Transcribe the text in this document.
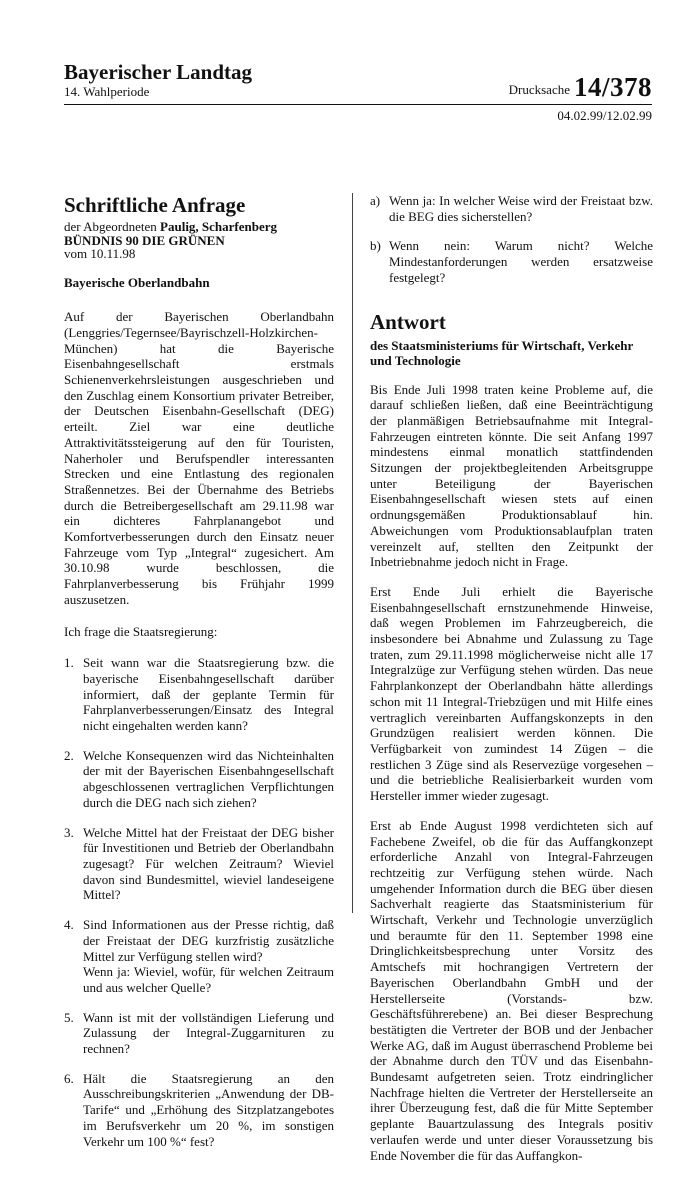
Bayerischer Landtag
14. Wahlperiode	Drucksache 14/378
04.02.99/12.02.99
Schriftliche Anfrage

der Abgeordneten Paulig, Scharfenberg

BÜNDNIS 90 DIE GRÜNEN

vom 10.11.98

Bayerische Oberlandbahn

Auf der Bayerischen Oberlandbahn (Lenggries/Tegernsee/Bayrischzell-Holzkirchen-München) hat die Bayerische Eisenbahngesellschaft erstmals Schienenverkehrsleistungen ausgeschrieben und den Zuschlag einem Konsortium privater Betreiber, der Deutschen Eisenbahn-Gesellschaft (DEG) erteilt. Ziel war eine deutliche Attraktivitätssteigerung auf den für Touristen, Naherholer und Berufspendler interessanten Strecken und eine Entlastung des regionalen Straßennetzes. Bei der Übernahme des Betriebs durch die Betreibergesellschaft am 29.11.98 war ein dichteres Fahrplanangebot und Komfortverbesserungen durch den Einsatz neuer Fahrzeuge vom Typ „Integral“ zugesichert. Am 30.10.98 wurde beschlossen, die Fahrplanverbesserung bis Frühjahr 1999 auszusetzen.

Ich frage die Staatsregierung:

1. Seit wann war die Staatsregierung bzw. die bayerische Eisenbahngesellschaft darüber informiert, daß der geplante Termin für Fahrplanverbesserungen/Einsatz des Integral nicht eingehalten werden kann?
2. Welche Konsequenzen wird das Nichteinhalten der mit der Bayerischen Eisenbahngesellschaft abgeschlossenen vertraglichen Verpflichtungen durch die DEG nach sich ziehen?
3. Welche Mittel hat der Freistaat der DEG bisher für Investitionen und Betrieb der Oberlandbahn zugesagt? Für welchen Zeitraum? Wieviel davon sind Bundesmittel, wieviel landeseigene Mittel?
4. Sind Informationen aus der Presse richtig, daß der Freistaat der DEG kurzfristig zusätzliche Mittel zur Verfügung stellen wird?
Wenn ja: Wieviel, wofür, für welchen Zeitraum und aus welcher Quelle?
5. Wann ist mit der vollständigen Lieferung und Zulassung der Integral-Zuggarnituren zu rechnen?
6. Hält die Staatsregierung an den Ausschreibungskriterien „Anwendung der DB-Tarife“ und „Erhöhung des Sitzplatzangebotes im Berufsverkehr um 20 %, im sonstigen Verkehr um 100 %“ fest?
a) Wenn ja: In welcher Weise wird der Freistaat bzw. die BEG dies sicherstellen?
b) Wenn nein: Warum nicht? Welche Mindestanforderungen werden ersatzweise festgelegt?
Antwort
des Staatsministeriums für Wirtschaft, Verkehr und Technologie

Bis Ende Juli 1998 traten keine Probleme auf, die darauf schließen ließen, daß eine Beeinträchtigung der planmäßigen Betriebsaufnahme mit Integral-Fahrzeugen eintreten könnte. Die seit Anfang 1997 mindestens einmal monatlich stattfindenden Sitzungen der projektbegleitenden Arbeitsgruppe unter Beteiligung der Bayerischen Eisenbahngesellschaft wiesen stets auf einen ordnungsgemäßen Produktionsablauf hin. Abweichungen vom Produktionsablaufplan traten vereinzelt auf, stellten den Zeitpunkt der Inbetriebnahme jedoch nicht in Frage.

Erst Ende Juli erhielt die Bayerische Eisenbahngesellschaft ernstzunehmende Hinweise, daß wegen Problemen im Fahrzeugbereich, die insbesondere bei Abnahme und Zulassung zu Tage traten, zum 29.11.1998 möglicherweise nicht alle 17 Integralzüge zur Verfügung stehen würden. Das neue Fahrplankonzept der Oberlandbahn hätte allerdings schon mit 11 Integral-Triebzügen und mit Hilfe eines vertraglich vereinbarten Auffangskonzepts in den Grundzügen realisiert werden können. Die Verfügbarkeit von zumindest 14 Zügen – die restlichen 3 Züge sind als Reservezüge vorgesehen – und die betriebliche Realisierbarkeit wurden vom Hersteller immer wieder zugesagt.

Erst ab Ende August 1998 verdichteten sich auf Fachebene Zweifel, ob die für das Auffangkonzept erforderliche Anzahl von Integral-Fahrzeugen rechtzeitig zur Verfügung stehen würde. Nach umgehender Information durch die BEG über diesen Sachverhalt reagierte das Staatsministerium für Wirtschaft, Verkehr und Technologie unverzüglich und beraumte für den 11. September 1998 eine Dringlichkeitsbesprechung unter Vorsitz des Amtschefs mit hochrangigen Vertretern der Bayerischen Oberlandbahn GmbH und der Herstellerseite (Vorstands- bzw. Geschäftsführerebene) an. Bei dieser Besprechung bestätigten die Vertreter der BOB und der Jenbacher Werke AG, daß im August überraschend Probleme bei der Abnahme durch den TÜV und das Eisenbahn-Bundesamt aufgetreten seien. Trotz eindringlicher Nachfrage hielten die Vertreter der Herstellerseite an ihrer Überzeugung fest, daß die für Mitte September geplante Bauartzulassung des Integrals positiv verlaufen werde und unter dieser Voraussetzung bis Ende November die für das Auffangkon-
